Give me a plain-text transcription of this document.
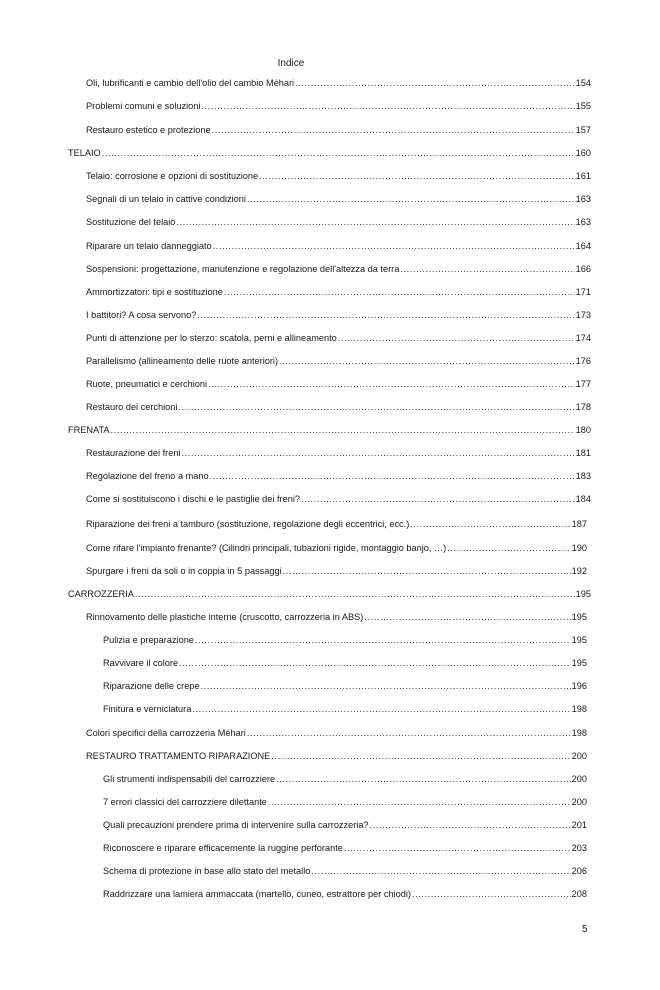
Indice
Oli, lubrificanti e cambio dell'olio del cambio Méhari .....	154
Problemi comuni e soluzioni .....	155
Restauro estetico e protezione .....	157
TELAIO .....	160
Telaio: corrosione e opzioni di sostituzione .....	161
Segnali di un telaio in cattive condizioni .....	163
Sostituzione del telaio .....	163
Riparare un telaio danneggiato .....	164
Sospensioni: progettazione, manutenzione e regolazione dell'altezza da terra .....	166
Ammortizzatori: tipi e sostituzione .....	171
I battitori? A cosa servono? .....	173
Punti di attenzione per lo sterzo: scatola, perni e allineamento .....	174
Parallelismo (allineamento delle ruote anteriori) .....	176
Ruote, pneumatici e cerchioni .....	177
Restauro dei cerchioni .....	178
FRENATA .....	180
Restaurazione dei freni .....	181
Regolazione del freno a mano .....	183
Come si sostituiscono i dischi e le pastiglie dei freni? .....	184
Riparazione dei freni a tamburo (sostituzione, regolazione degli eccentrici, ecc.) .....	187
Come rifare l'impianto frenante? (Cilindri principali, tubazioni rigide, montaggio banjo, …) .....	190
Spurgare i freni da soli o in coppia in 5 passaggi .....	192
CARROZZERIA .....	195
Rinnovamento delle plastiche interne (cruscotto, carrozzeria in ABS) .....	195
Pulizia e preparazione .....	195
Ravvivare il colore .....	195
Riparazione delle crepe .....	196
Finitura e verniciatura .....	198
Colori specifici della carrozzeria Méhari .....	198
RESTAURO TRATTAMENTO RIPARAZIONE .....	200
Gli strumenti indispensabili del carrozziere .....	200
7 errori classici del carrozziere dilettante .....	200
Quali precauzioni prendere prima di intervenire sulla carrozzeria? .....	201
Riconoscere e riparare efficacemente la ruggine perforante .....	203
Schema di protezione in base allo stato del metallo .....	206
Raddrizzare una lamiera ammaccata (martello, cuneo, estrattore per chiodi) .....	208
5
